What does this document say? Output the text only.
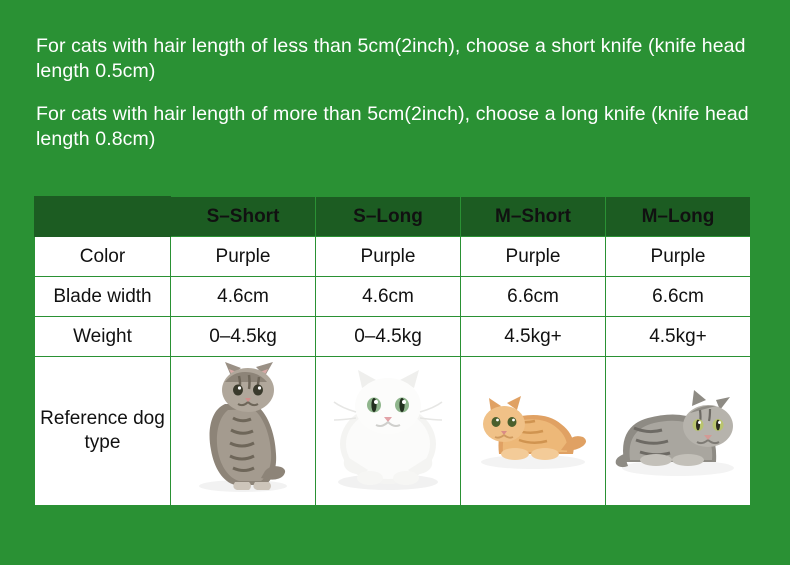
For cats with hair length of less than 5cm(2inch), choose a short knife (knife head length 0.5cm)

For cats with hair length of more than 5cm(2inch), choose a long knife (knife head length 0.8cm)

	S–Short	S–Long	M–Short	M–Long
Color	Purple	Purple	Purple	Purple
Blade width	4.6cm	4.6cm	6.6cm	6.6cm
Weight	0–4.5kg	0–4.5kg	4.5kg+	4.5kg+

Reference dog type
